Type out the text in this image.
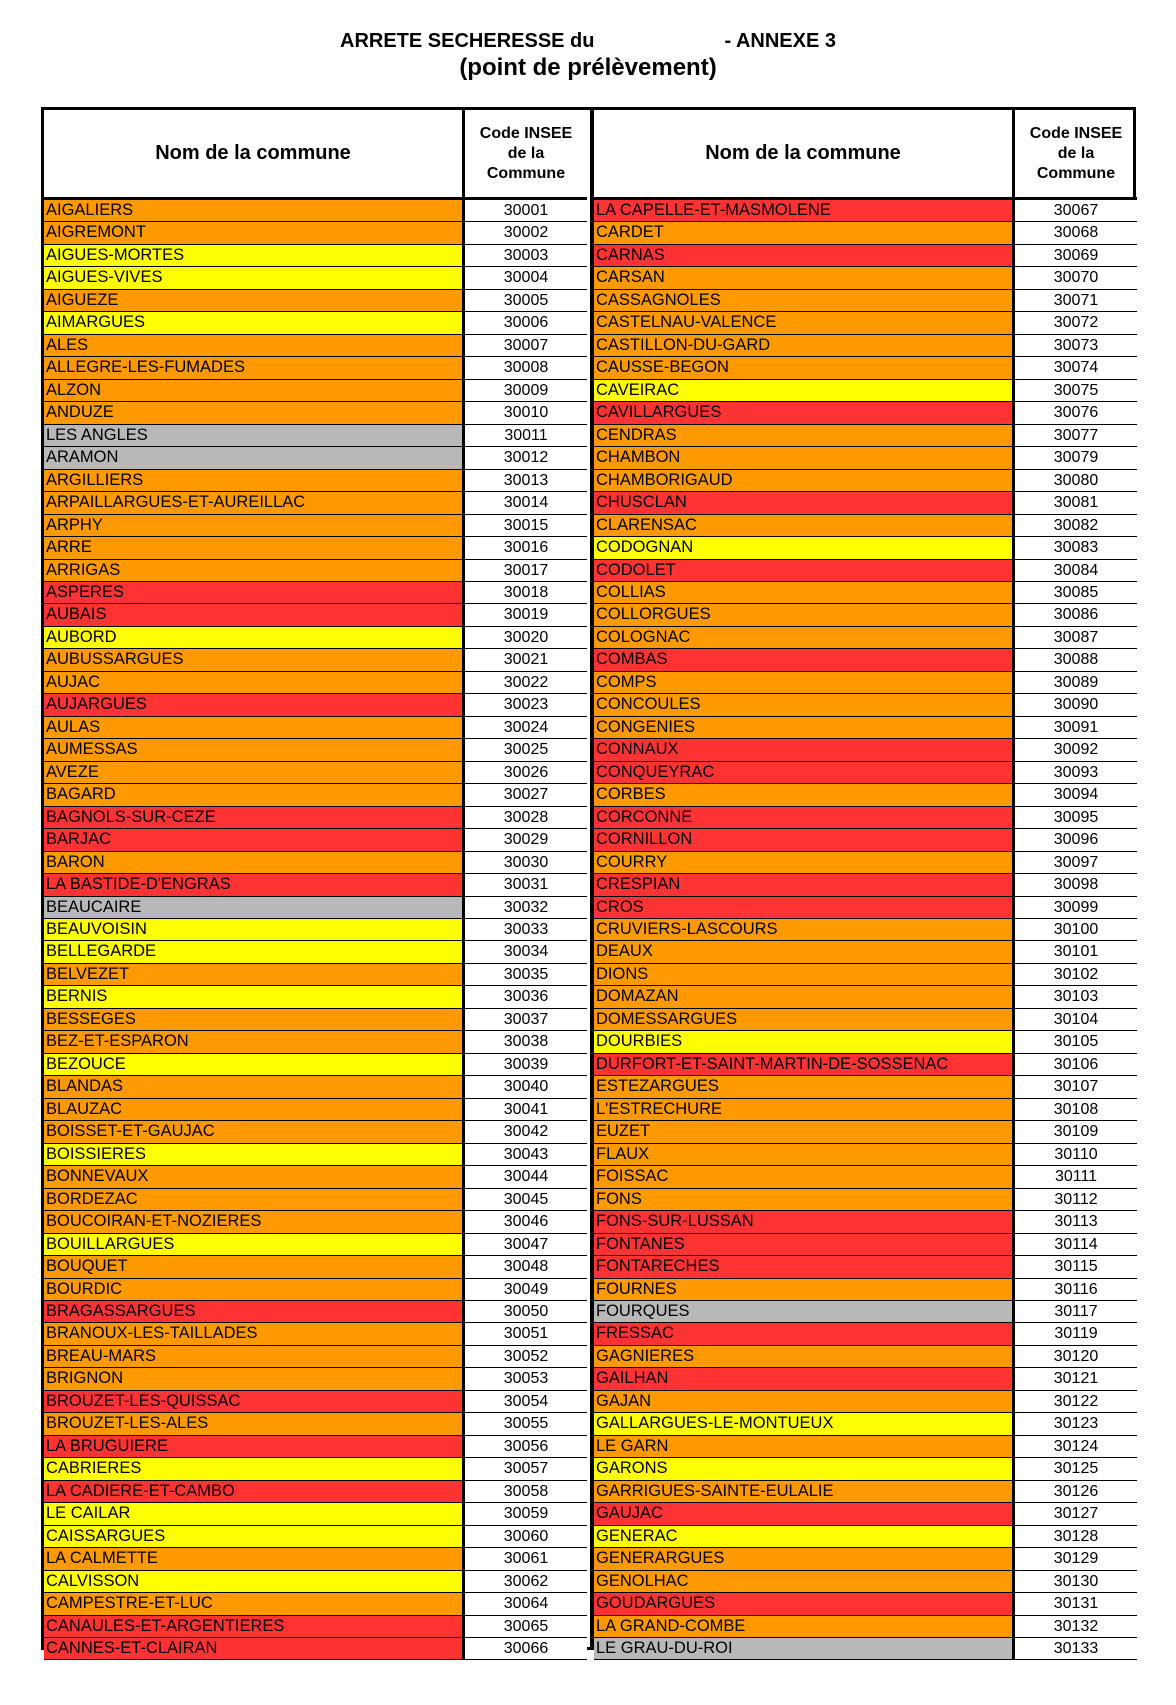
ARRETE SECHERESSE du	- ANNEXE 3
(point de prélèvement)
Nom de la commune
Code INSEE
de la
Commune
AIGALIERS	30001
AIGREMONT	30002
AIGUES-MORTES	30003
AIGUES-VIVES	30004
AIGUEZE	30005
AIMARGUES	30006
ALES	30007
ALLEGRE-LES-FUMADES	30008
ALZON	30009
ANDUZE	30010
LES ANGLES	30011
ARAMON	30012
ARGILLIERS	30013
ARPAILLARGUES-ET-AUREILLAC	30014
ARPHY	30015
ARRE	30016
ARRIGAS	30017
ASPERES	30018
AUBAIS	30019
AUBORD	30020
AUBUSSARGUES	30021
AUJAC	30022
AUJARGUES	30023
AULAS	30024
AUMESSAS	30025
AVEZE	30026
BAGARD	30027
BAGNOLS-SUR-CEZE	30028
BARJAC	30029
BARON	30030
LA BASTIDE-D'ENGRAS	30031
BEAUCAIRE	30032
BEAUVOISIN	30033
BELLEGARDE	30034
BELVEZET	30035
BERNIS	30036
BESSEGES	30037
BEZ-ET-ESPARON	30038
BEZOUCE	30039
BLANDAS	30040
BLAUZAC	30041
BOISSET-ET-GAUJAC	30042
BOISSIERES	30043
BONNEVAUX	30044
BORDEZAC	30045
BOUCOIRAN-ET-NOZIERES	30046
BOUILLARGUES	30047
BOUQUET	30048
BOURDIC	30049
BRAGASSARGUES	30050
BRANOUX-LES-TAILLADES	30051
BREAU-MARS	30052
BRIGNON	30053
BROUZET-LES-QUISSAC	30054
BROUZET-LES-ALES	30055
LA BRUGUIERE	30056
CABRIERES	30057
LA CADIERE-ET-CAMBO	30058
LE CAILAR	30059
CAISSARGUES	30060
LA CALMETTE	30061
CALVISSON	30062
CAMPESTRE-ET-LUC	30064
CANAULES-ET-ARGENTIERES	30065
CANNES-ET-CLAIRAN	30066
Nom de la commune
Code INSEE
de la
Commune
LA CAPELLE-ET-MASMOLENE	30067
CARDET	30068
CARNAS	30069
CARSAN	30070
CASSAGNOLES	30071
CASTELNAU-VALENCE	30072
CASTILLON-DU-GARD	30073
CAUSSE-BEGON	30074
CAVEIRAC	30075
CAVILLARGUES	30076
CENDRAS	30077
CHAMBON	30079
CHAMBORIGAUD	30080
CHUSCLAN	30081
CLARENSAC	30082
CODOGNAN	30083
CODOLET	30084
COLLIAS	30085
COLLORGUES	30086
COLOGNAC	30087
COMBAS	30088
COMPS	30089
CONCOULES	30090
CONGENIES	30091
CONNAUX	30092
CONQUEYRAC	30093
CORBES	30094
CORCONNE	30095
CORNILLON	30096
COURRY	30097
CRESPIAN	30098
CROS	30099
CRUVIERS-LASCOURS	30100
DEAUX	30101
DIONS	30102
DOMAZAN	30103
DOMESSARGUES	30104
DOURBIES	30105
DURFORT-ET-SAINT-MARTIN-DE-SOSSENAC	30106
ESTEZARGUES	30107
L'ESTRECHURE	30108
EUZET	30109
FLAUX	30110
FOISSAC	30111
FONS	30112
FONS-SUR-LUSSAN	30113
FONTANES	30114
FONTARECHES	30115
FOURNES	30116
FOURQUES	30117
FRESSAC	30119
GAGNIERES	30120
GAILHAN	30121
GAJAN	30122
GALLARGUES-LE-MONTUEUX	30123
LE GARN	30124
GARONS	30125
GARRIGUES-SAINTE-EULALIE	30126
GAUJAC	30127
GENERAC	30128
GENERARGUES	30129
GENOLHAC	30130
GOUDARGUES	30131
LA GRAND-COMBE	30132
LE GRAU-DU-ROI	30133
